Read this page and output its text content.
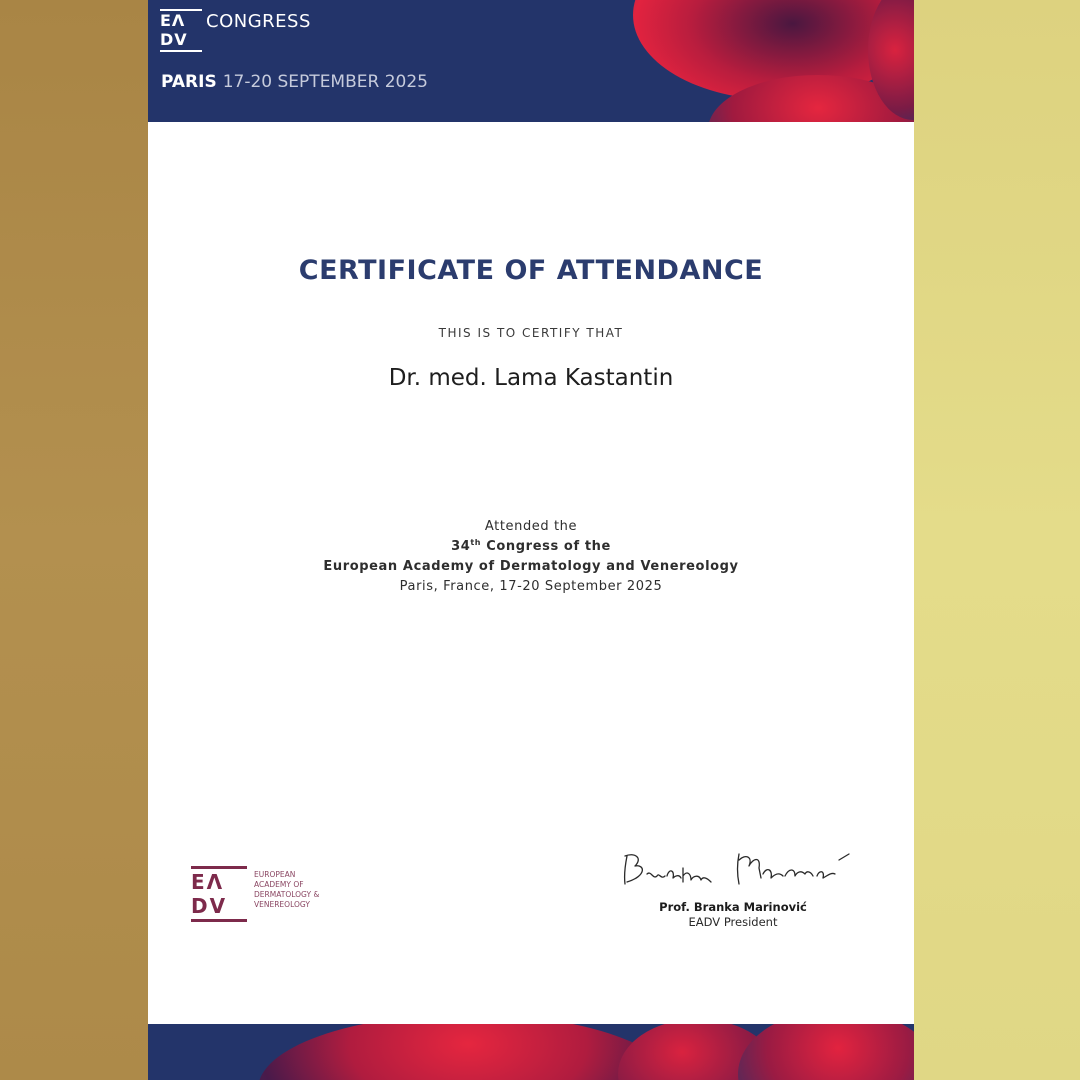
EΛ
DV
CONGRESS
PARIS 17-20 SEPTEMBER 2025
CERTIFICATE OF ATTENDANCE
THIS IS TO CERTIFY THAT
Dr. med. Lama Kastantin
Attended the
34th Congress of the
European Academy of Dermatology and Venereology
Paris, France, 17-20 September 2025
EΛ
DV
EUROPEAN
ACADEMY OF
DERMATOLOGY &
VENEREOLOGY	Prof. Branka Marinović
EADV President
